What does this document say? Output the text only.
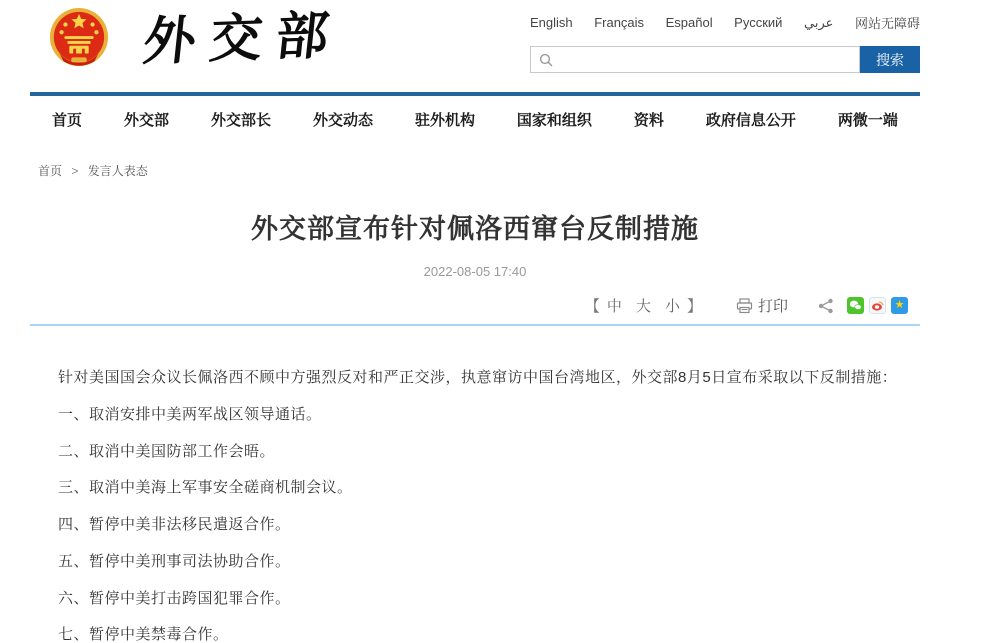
外交部	English Français Español Русский عربي 网站无障碍
搜索
首页	外交部	外交部长	外交动态	驻外机构	国家和组织	资料	政府信息公开	两微一端
首页 > 发言人表态
外交部宣布针对佩洛西窜台反制措施
2022-08-05 17:40
【 中 大 小 】	打印	★

针对美国国会众议长佩洛西不顾中方强烈反对和严正交涉，执意窜访中国台湾地区，外交部8月5日宣布采取以下反制措施：

一、取消安排中美两军战区领导通话。

二、取消中美国防部工作会晤。

三、取消中美海上军事安全磋商机制会议。

四、暂停中美非法移民遣返合作。

五、暂停中美刑事司法协助合作。

六、暂停中美打击跨国犯罪合作。

七、暂停中美禁毒合作。
